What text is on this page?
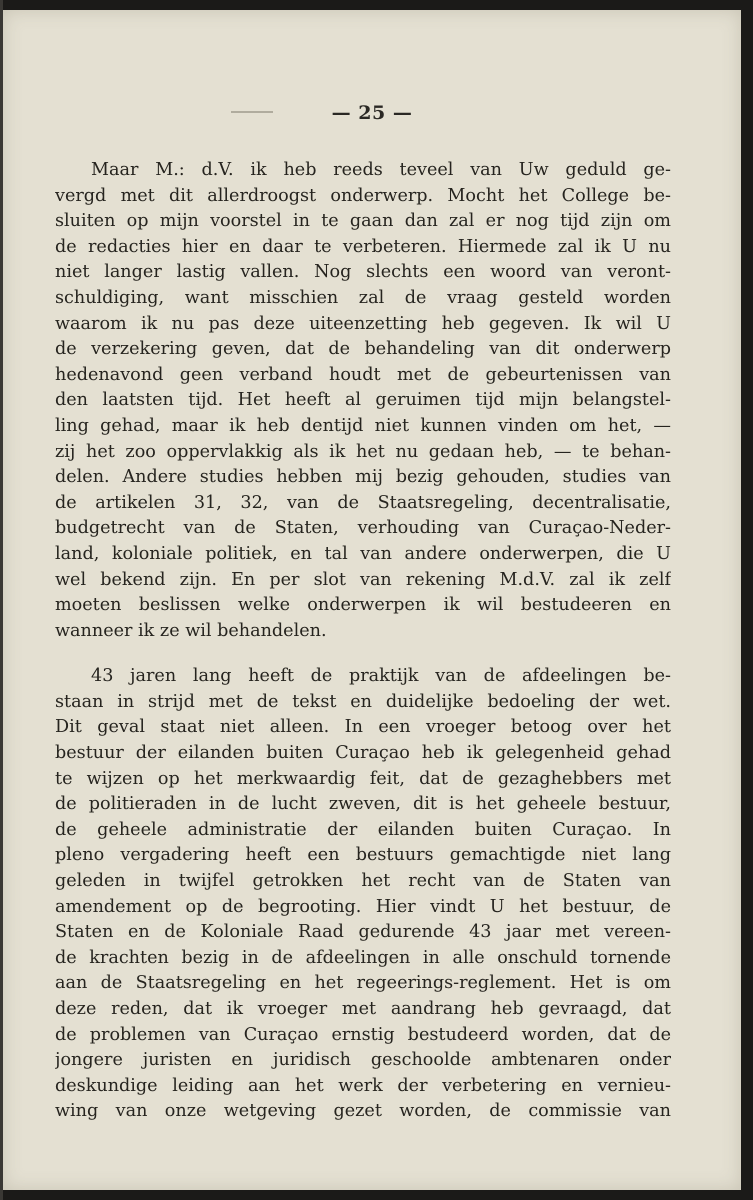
— 25 —
Maar M.: d.V. ik heb reeds teveel van Uw geduld ge-
vergd met dit allerdroogst onderwerp. Mocht het College be-
sluiten op mijn voorstel in te gaan dan zal er nog tijd zijn om
de redacties hier en daar te verbeteren. Hiermede zal ik U nu
niet langer lastig vallen. Nog slechts een woord van veront-
schuldiging, want misschien zal de vraag gesteld worden
waarom ik nu pas deze uiteenzetting heb gegeven. Ik wil U
de verzekering geven, dat de behandeling van dit onderwerp
hedenavond geen verband houdt met de gebeurtenissen van
den laatsten tijd. Het heeft al geruimen tijd mijn belangstel-
ling gehad, maar ik heb dentijd niet kunnen vinden om het, —
zij het zoo oppervlakkig als ik het nu gedaan heb, — te behan-
delen. Andere studies hebben mij bezig gehouden, studies van
de artikelen 31, 32, van de Staatsregeling, decentralisatie,
budgetrecht van de Staten, verhouding van Curaçao-Neder-
land, koloniale politiek, en tal van andere onderwerpen, die U
wel bekend zijn. En per slot van rekening M.d.V. zal ik zelf
moeten beslissen welke onderwerpen ik wil bestudeeren en
wanneer ik ze wil behandelen.
43 jaren lang heeft de praktijk van de afdeelingen be-
staan in strijd met de tekst en duidelijke bedoeling der wet.
Dit geval staat niet alleen. In een vroeger betoog over het
bestuur der eilanden buiten Curaçao heb ik gelegenheid gehad
te wijzen op het merkwaardig feit, dat de gezaghebbers met
de politieraden in de lucht zweven, dit is het geheele bestuur,
de geheele administratie der eilanden buiten Curaçao. In
pleno vergadering heeft een bestuurs gemachtigde niet lang
geleden in twijfel getrokken het recht van de Staten van
amendement op de begrooting. Hier vindt U het bestuur, de
Staten en de Koloniale Raad gedurende 43 jaar met vereen-
de krachten bezig in de afdeelingen in alle onschuld tornende
aan de Staatsregeling en het regeerings-reglement. Het is om
deze reden, dat ik vroeger met aandrang heb gevraagd, dat
de problemen van Curaçao ernstig bestudeerd worden, dat de
jongere juristen en juridisch geschoolde ambtenaren onder
deskundige leiding aan het werk der verbetering en vernieu-
wing van onze wetgeving gezet worden, de commissie van
